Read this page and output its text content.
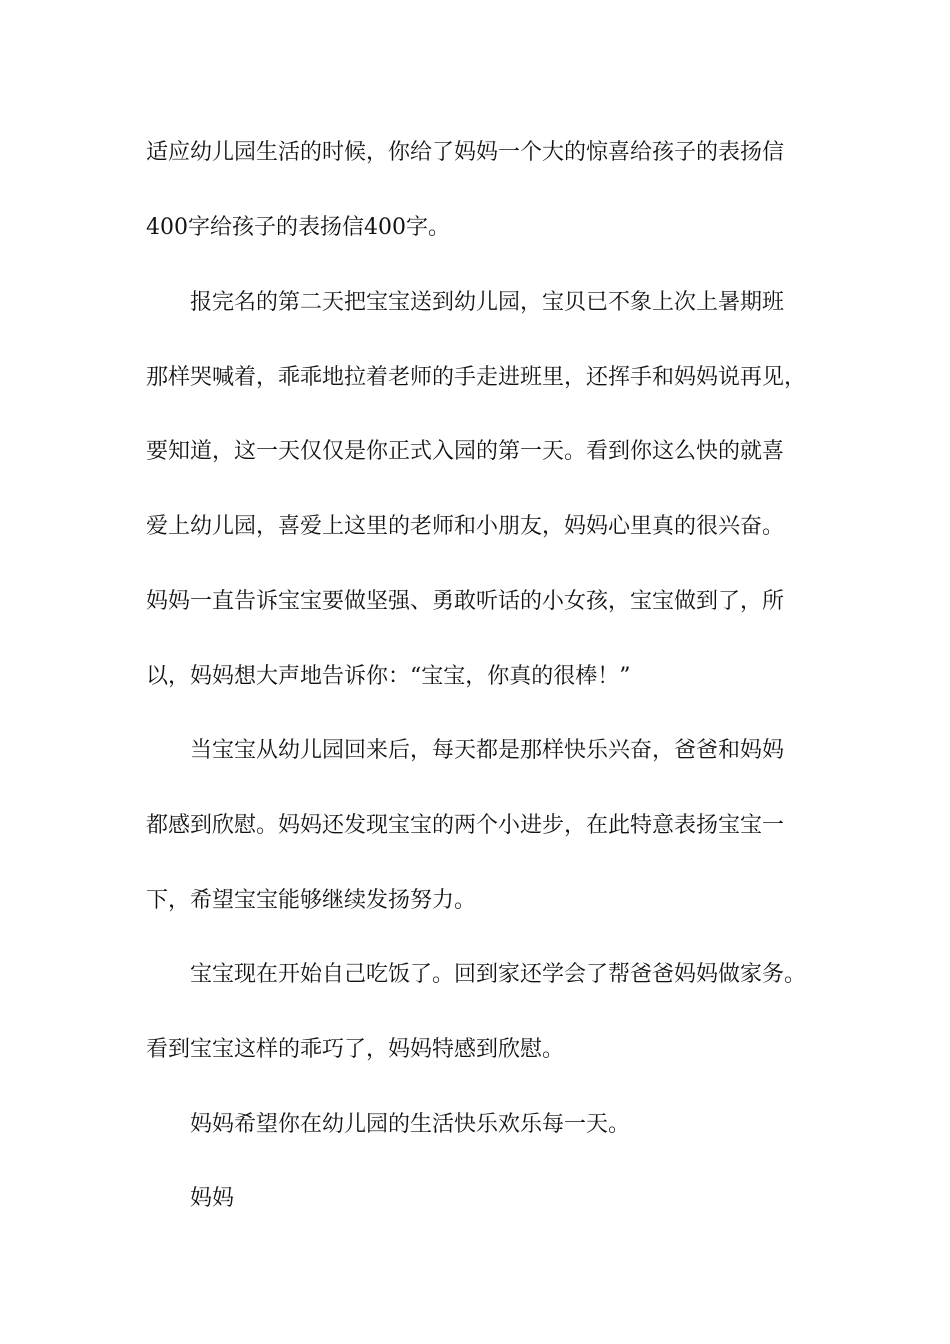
适应幼儿园生活的时候，你给了妈妈一个大的惊喜给孩子的表扬信
400字给孩子的表扬信400字。
报完名的第二天把宝宝送到幼儿园，宝贝已不象上次上暑期班
那样哭喊着，乖乖地拉着老师的手走进班里，还挥手和妈妈说再见，
要知道，这一天仅仅是你正式入园的第一天。看到你这么快的就喜
爱上幼儿园，喜爱上这里的老师和小朋友，妈妈心里真的很兴奋。
妈妈一直告诉宝宝要做坚强、勇敢听话的小女孩，宝宝做到了，所
以，妈妈想大声地告诉你：“宝宝，你真的很棒！”
当宝宝从幼儿园回来后，每天都是那样快乐兴奋，爸爸和妈妈
都感到欣慰。妈妈还发现宝宝的两个小进步，在此特意表扬宝宝一
下，希望宝宝能够继续发扬努力。
宝宝现在开始自己吃饭了。回到家还学会了帮爸爸妈妈做家务。
看到宝宝这样的乖巧了，妈妈特感到欣慰。
妈妈希望你在幼儿园的生活快乐欢乐每一天。
妈妈
